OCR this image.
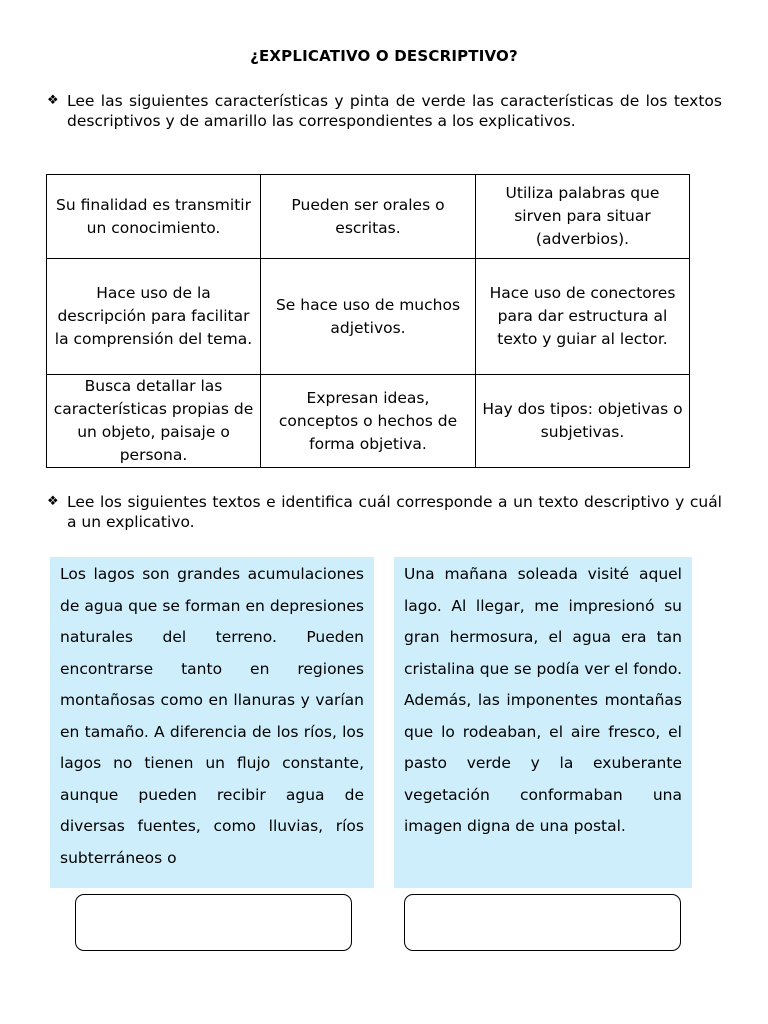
¿EXPLICATIVO O DESCRIPTIVO?
❖ Lee las siguientes características y pinta de verde las características de los textos descriptivos y de amarillo las correspondientes a los explicativos.
Su finalidad es transmitir un conocimiento.	Pueden ser orales o escritas.	Utiliza palabras que sirven para situar (adverbios).
Hace uso de la descripción para facilitar la comprensión del tema.	Se hace uso de muchos adjetivos.	Hace uso de conectores para dar estructura al texto y guiar al lector.
Busca detallar las características propias de un objeto, paisaje o persona.	Expresan ideas, conceptos o hechos de forma objetiva.	Hay dos tipos: objetivas o subjetivas.
❖ Lee los siguientes textos e identifica cuál corresponde a un texto descriptivo y cuál a un explicativo.
Los lagos son grandes acumulaciones de agua que se forman en depresiones naturales del terreno. Pueden encontrarse tanto en regiones montañosas como en llanuras y varían en tamaño. A diferencia de los ríos, los lagos no tienen un flujo constante, aunque pueden recibir agua de diversas fuentes, como lluvias, ríos subterráneos o
Una mañana soleada visité aquel lago. Al llegar, me impresionó su gran hermosura, el agua era tan cristalina que se podía ver el fondo. Además, las imponentes montañas que lo rodeaban, el aire fresco, el pasto verde y la exuberante vegetación conformaban una imagen digna de una postal.
